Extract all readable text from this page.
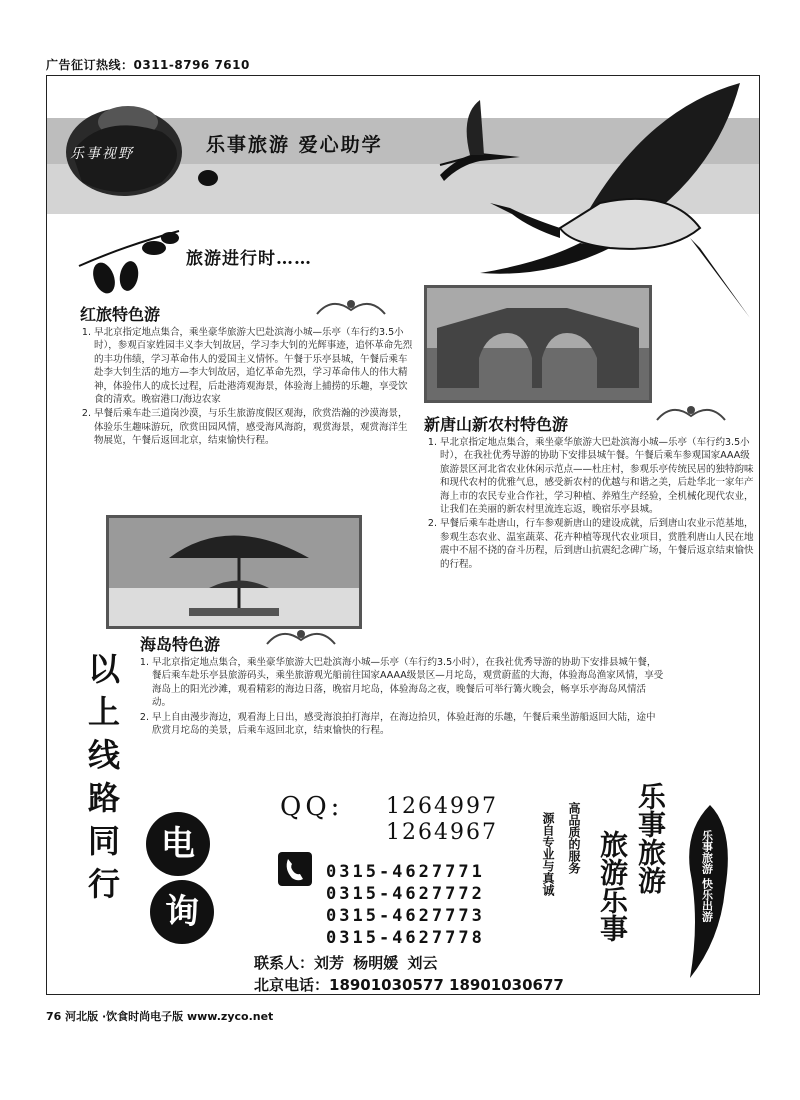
广告征订热线：0311-8796 7610
乐事视野	乐事旅游 爱心助学
旅游进行时……
红旅特色游
1. 早北京指定地点集合，乘坐豪华旅游大巴赴滨海小城—乐亭（车行约3.5小时），参观百家姓园丰义李大钊故居，学习李大钊的光辉事迹，追怀革命先烈的丰功伟绩，学习革命伟人的爱国主义情怀。午餐于乐亭县城，午餐后乘车赴李大钊生活的地方—李大钊故居，追忆革命先烈，学习革命伟人的伟大精神，体验伟人的成长过程，后赴港湾观海景，体验海上捕捞的乐趣，享受饮食的清欢。晚宿港口/海边农家
2. 早餐后乘车赴三道岗沙漠，与乐生旅游度假区观海，欣赏浩瀚的沙漠海景，体验乐生趣味游玩，欣赏田园风情，感受海风海韵，观赏海景，观赏海洋生物展览，午餐后返回北京，结束愉快行程。
新唐山新农村特色游
1. 早北京指定地点集合，乘坐豪华旅游大巴赴滨海小城—乐亭（车行约3.5小时），在我社优秀导游的协助下安排县城午餐。午餐后乘车参观国家AAA级旅游景区河北省农业休闲示范点——杜庄村，参观乐亭传统民居的独特韵味和现代农村的优雅气息，感受新农村的优越与和谐之美，后赴华北一家年产海上市的农民专业合作社，学习种植、养殖生产经验，全机械化现代农业，让我们在美丽的新农村里流连忘返，晚宿乐亭县城。
2. 早餐后乘车赴唐山，行车参观新唐山的建设成就，后到唐山农业示范基地，参观生态农业、温室蔬菜、花卉种植等现代农业项目，赏胜利唐山人民在地震中不屈不挠的奋斗历程，后到唐山抗震纪念碑广场，午餐后返京结束愉快的行程。
海岛特色游
1. 早北京指定地点集合，乘坐豪华旅游大巴赴滨海小城—乐亭（车行约3.5小时），在我社优秀导游的协助下安排县城午餐，餐后乘车赴乐亭县旅游码头，乘坐旅游观光船前往国家AAAA级景区—月坨岛，观赏蔚蓝的大海，体验海岛渔家风情，享受海岛上的阳光沙滩，观看精彩的海边日落，晚宿月坨岛，体验海岛之夜，晚餐后可举行篝火晚会，畅享乐亭海岛风情活动。
2. 早上自由漫步海边，观看海上日出，感受海浪拍打海岸，在海边拾贝，体验赶海的乐趣，午餐后乘坐游船返回大陆，途中欣赏月坨岛的美景，后乘车返回北京，结束愉快的行程。
以上线路同行
电
询
QQ: 1264997
1264967
0315-4627771
0315-4627772
0315-4627773
0315-4627778
联系人：刘芳 杨明媛 刘云
北京电话：18901030577 18901030677
高品质的服务
源自专业与真诚	乐事旅游
旅游乐事	乐事旅游 快乐出游
76 河北版 ·饮食时尚电子版 www.zyco.net
